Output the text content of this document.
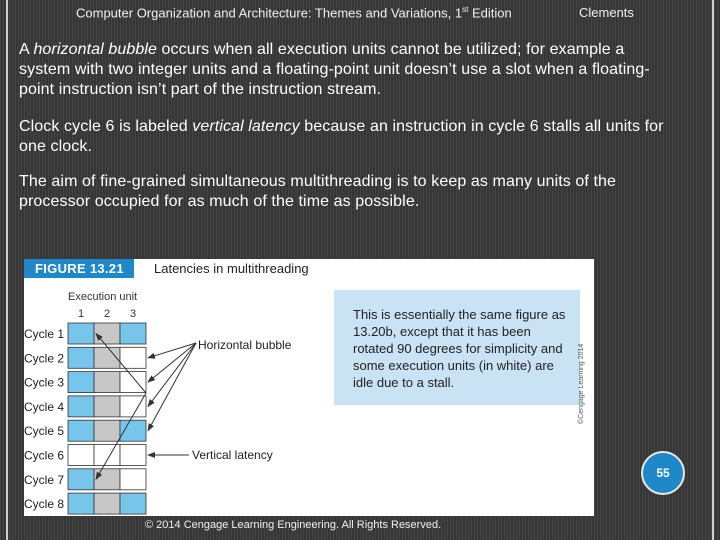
Computer Organization and Architecture: Themes and Variations, 1st Edition	Clements
A horizontal bubble occurs when all execution units cannot be utilized; for example a system with two integer units and a floating-point unit doesn’t use a slot when a floating-point instruction isn’t part of the instruction stream.
Clock cycle 6 is labeled vertical latency because an instruction in cycle 6 stalls all units for one clock.
The aim of fine-grained simultaneous multithreading is to keep as many units of the processor occupied for as much of the time as possible.
Execution unit
1 2 3
Cycle 1
Cycle 2
Cycle 3
Cycle 4
Cycle 5
Cycle 6
Cycle 7
Cycle 8
Horizontal bubble
Vertical latency
FIGURE 13.21	Latencies in multithreading
This is essentially the same figure as 13.20b, except that it has been rotated 90 degrees for simplicity and some execution units (in white) are idle due to a stall.	©Cengage Learning 2014
55
© 2014 Cengage Learning Engineering. All Rights Reserved.
